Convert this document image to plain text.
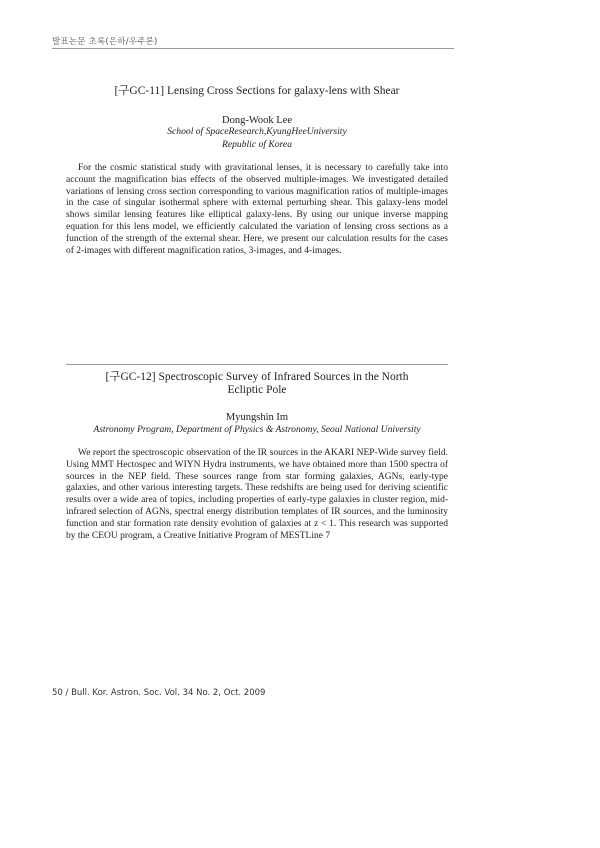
발표논문 초록(은하/우주론)
[구GC-11] Lensing Cross Sections for galaxy-lens with Shear
Dong-Wook Lee
School of SpaceResearch,KyungHeeUniversity
Republic of Korea

For the cosmic statistical study with gravitational lenses, it is necessary to carefully take into account the magnification bias effects of the observed multiple-images. We investigated detailed variations of lensing cross section corresponding to various magnification ratios of multiple-images in the case of singular isothermal sphere with external perturbing shear. This galaxy-lens model shows similar lensing features like elliptical galaxy-lens. By using our unique inverse mapping equation for this lens model, we efficiently calculated the variation of lensing cross sections as a function of the strength of the external shear. Here, we present our calculation results for the cases of 2-images with different magnification ratios, 3-images, and 4-images.

[구GC-12] Spectroscopic Survey of Infrared Sources in the North
Ecliptic Pole
Myungshin Im
Astronomy Program, Department of Physics & Astronomy, Seoul National University

We report the spectroscopic observation of the IR sources in the AKARI NEP-Wide survey field. Using MMT Hectospec and WIYN Hydra instruments, we have obtained more than 1500 spectra of sources in the NEP field. These sources range from star forming galaxies, AGNs, early-type galaxies, and other various interesting targets. These redshifts are being used for deriving scientific results over a wide area of topics, including properties of early-type galaxies in cluster region, mid-infrared selection of AGNs, spectral energy distribution templates of IR sources, and the luminosity function and star formation rate density evolution of galaxies at z < 1. This research was supported by the CEOU program, a Creative Initiative Program of MESTLine 7

50 / Bull. Kor. Astron. Soc. Vol. 34 No. 2, Oct. 2009
